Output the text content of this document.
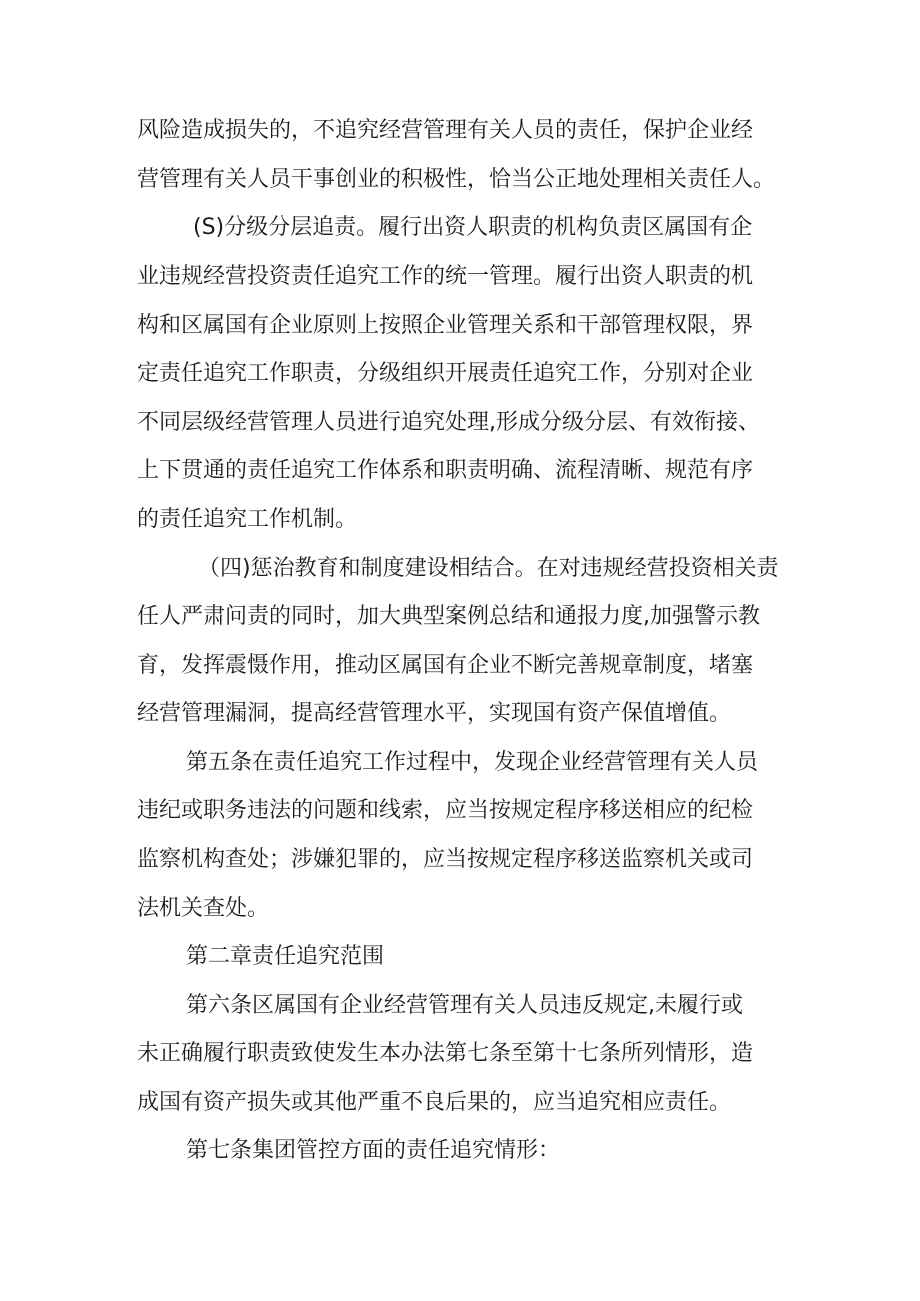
风险造成损失的，不追究经营管理有关人员的责任，保护企业经
营管理有关人员干事创业的积极性，恰当公正地处理相关责任人。
(S)分级分层追责。履行出资人职责的机构负责区属国有企
业违规经营投资责任追究工作的统一管理。履行出资人职责的机
构和区属国有企业原则上按照企业管理关系和干部管理权限，界
定责任追究工作职责，分级组织开展责任追究工作，分别对企业
不同层级经营管理人员进行追究处理,形成分级分层、有效衔接、
上下贯通的责任追究工作体系和职责明确、流程清晰、规范有序
的责任追究工作机制。
（四)惩治教育和制度建设相结合。在对违规经营投资相关责
任人严肃问责的同时，加大典型案例总结和通报力度,加强警示教
育，发挥震慑作用，推动区属国有企业不断完善规章制度，堵塞
经营管理漏洞，提高经营管理水平，实现国有资产保值增值。
第五条在责任追究工作过程中，发现企业经营管理有关人员
违纪或职务违法的问题和线索，应当按规定程序移送相应的纪检
监察机构查处；涉嫌犯罪的，应当按规定程序移送监察机关或司
法机关查处。
第二章责任追究范围
第六条区属国有企业经营管理有关人员违反规定,未履行或
未正确履行职责致使发生本办法第七条至第十七条所列情形，造
成国有资产损失或其他严重不良后果的，应当追究相应责任。
第七条集团管控方面的责任追究情形：
